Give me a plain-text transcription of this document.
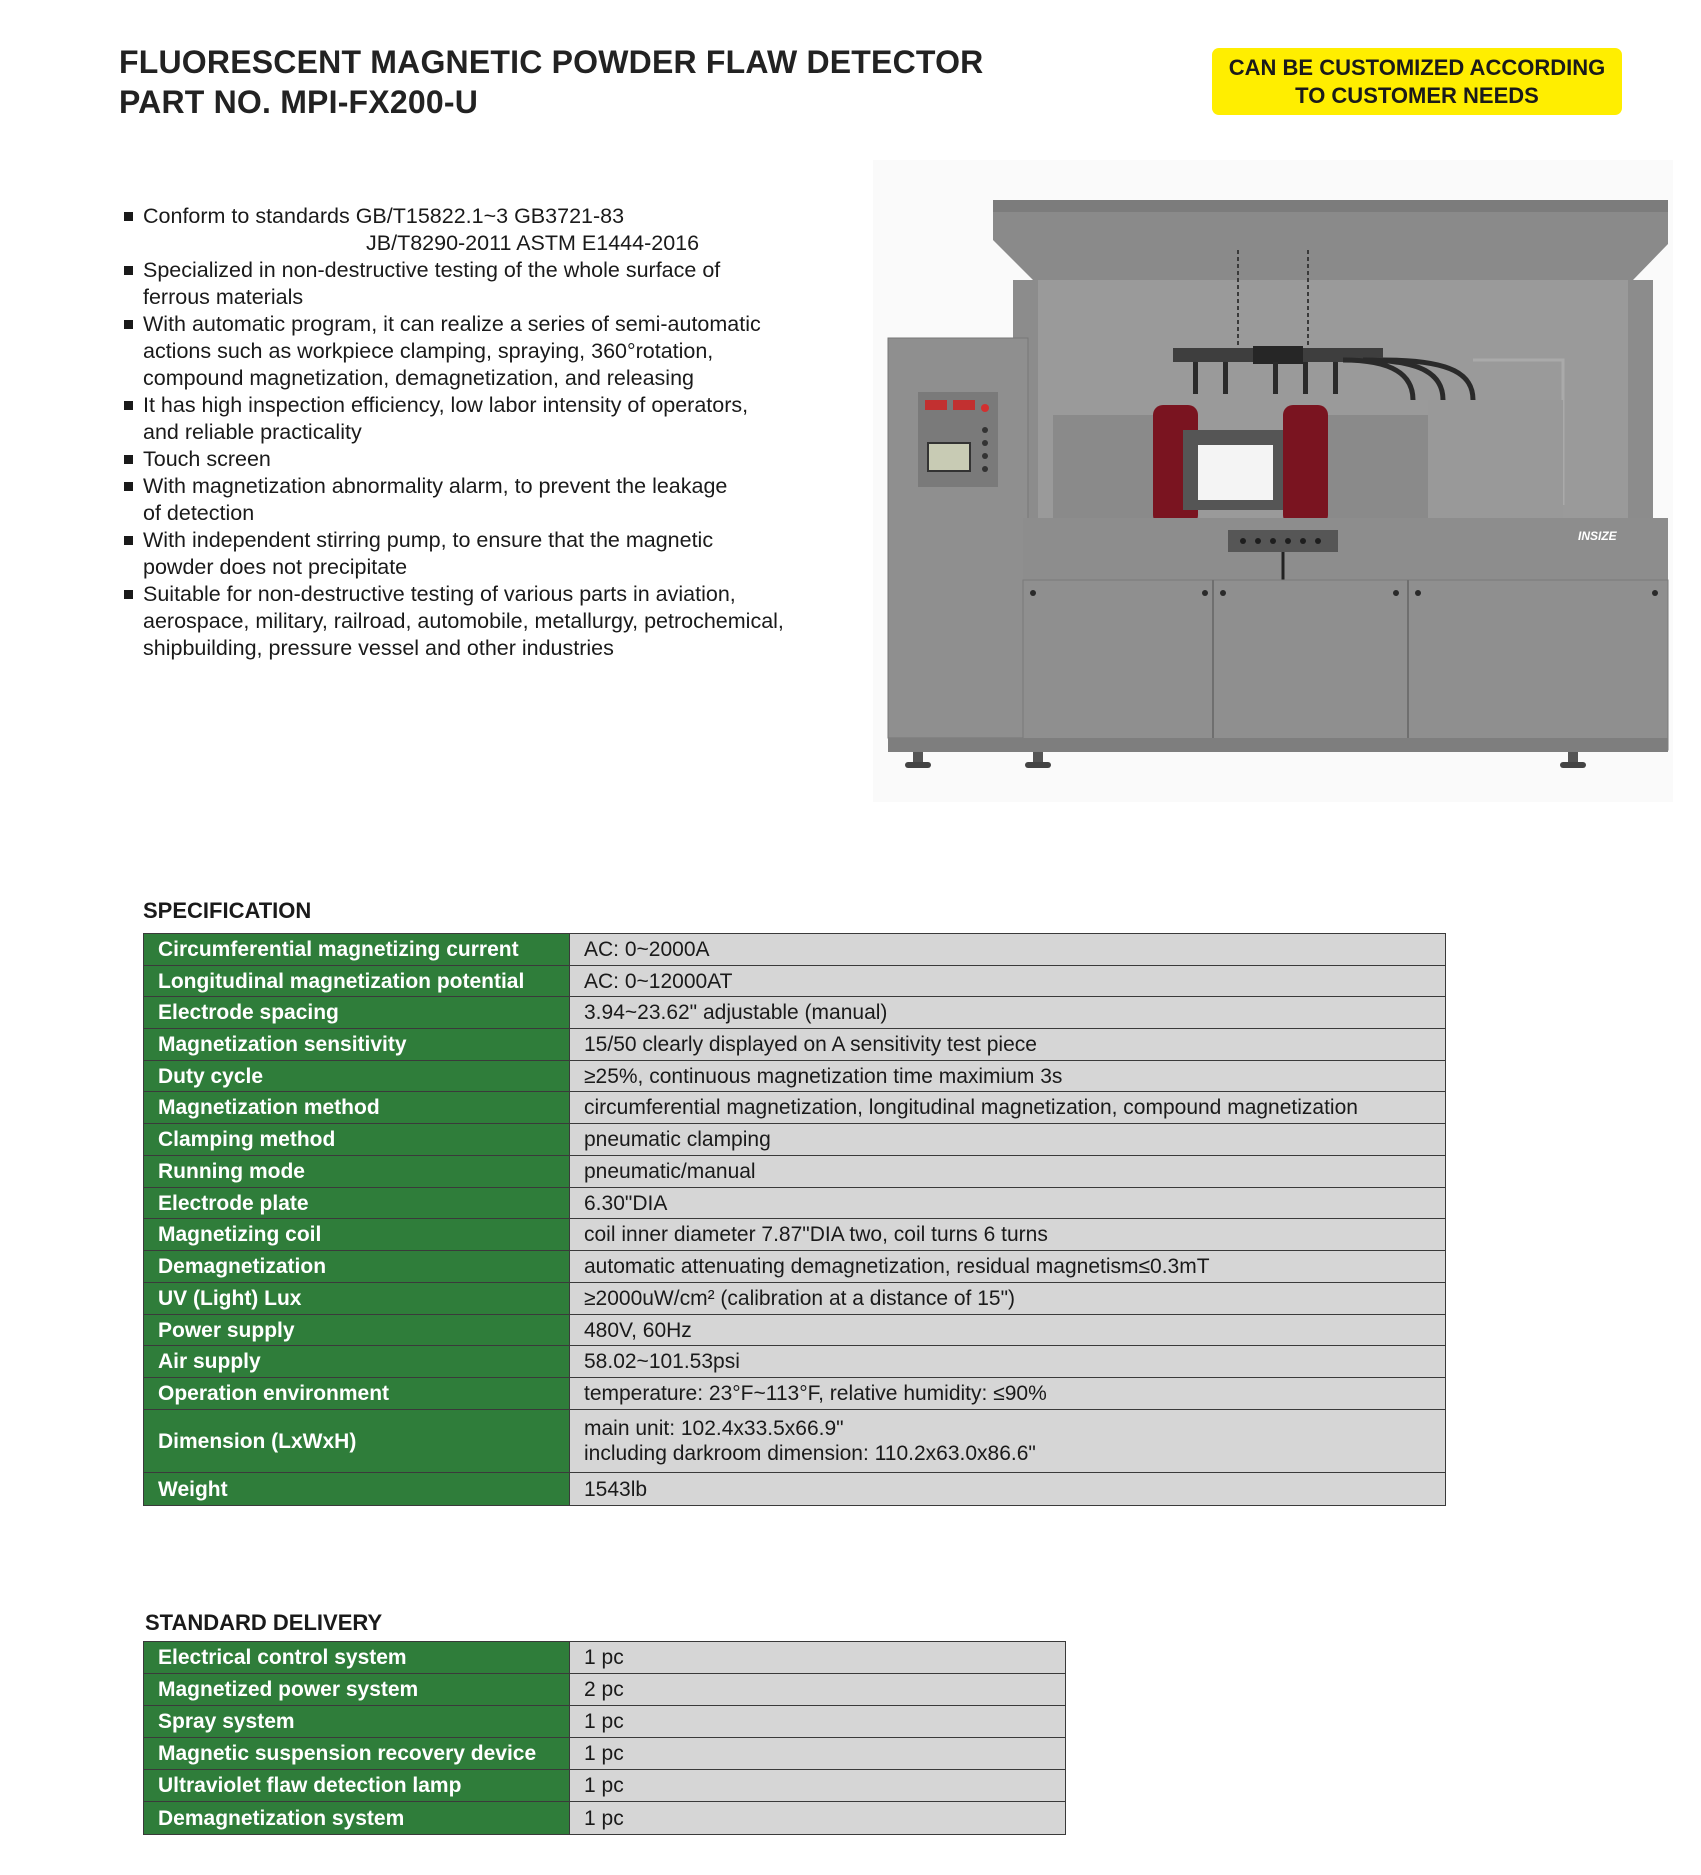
FLUORESCENT MAGNETIC POWDER FLAW DETECTOR
PART NO. MPI-FX200-U
CAN BE CUSTOMIZED ACCORDING
TO CUSTOMER NEEDS
Conform to standards GB/T15822.1~3 GB3721-83
JB/T8290-2011 ASTM E1444-2016
Specialized in non-destructive testing of the whole surface of
ferrous materials
With automatic program, it can realize a series of semi-automatic
actions such as workpiece clamping, spraying, 360°rotation,
compound magnetization, demagnetization, and releasing
It has high inspection efficiency, low labor intensity of operators,
and reliable practicality
Touch screen
With magnetization abnormality alarm, to prevent the leakage
of detection
With independent stirring pump, to ensure that the magnetic
powder does not precipitate
Suitable for non-destructive testing of various parts in aviation,
aerospace, military, railroad, automobile, metallurgy, petrochemical,
shipbuilding, pressure vessel and other industries
INSIZE
SPECIFICATION
Circumferential magnetizing current	AC: 0~2000A
Longitudinal magnetization potential	AC: 0~12000AT
Electrode spacing	3.94~23.62" adjustable (manual)
Magnetization sensitivity	15/50 clearly displayed on A sensitivity test piece
Duty cycle	≥25%, continuous magnetization time maximium 3s
Magnetization method	circumferential magnetization, longitudinal magnetization, compound magnetization
Clamping method	pneumatic clamping
Running mode	pneumatic/manual
Electrode plate	6.30"DIA
Magnetizing coil	coil inner diameter 7.87"DIA two, coil turns 6 turns
Demagnetization	automatic attenuating demagnetization, residual magnetism≤0.3mT
UV (Light) Lux	≥2000uW/cm² (calibration at a distance of 15")
Power supply	480V, 60Hz
Air supply	58.02~101.53psi
Operation environment	temperature: 23°F~113°F, relative humidity: ≤90%
Dimension (LxWxH)	main unit: 102.4x33.5x66.9"
including darkroom dimension: 110.2x63.0x86.6"

Weight	1543lb
STANDARD DELIVERY
Electrical control system	1 pc
Magnetized power system	2 pc
Spray system	1 pc
Magnetic suspension recovery device	1 pc
Ultraviolet flaw detection lamp	1 pc
Demagnetization system	1 pc
